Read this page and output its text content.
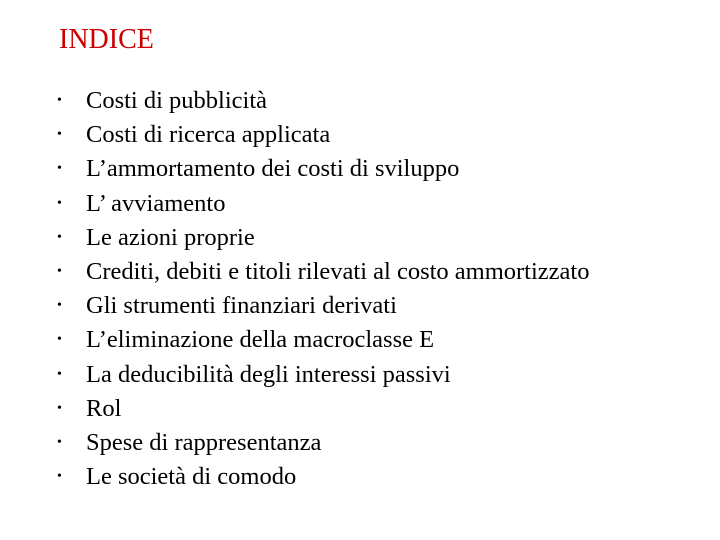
INDICE
• Costi di pubblicità
• Costi di ricerca applicata
• L’ammortamento dei costi di sviluppo
• L’ avviamento
• Le azioni proprie
• Crediti, debiti e titoli rilevati al costo ammortizzato
• Gli strumenti finanziari derivati
• L’eliminazione della macroclasse E
• La deducibilità degli interessi passivi
• Rol
• Spese di rappresentanza
• Le società di comodo
